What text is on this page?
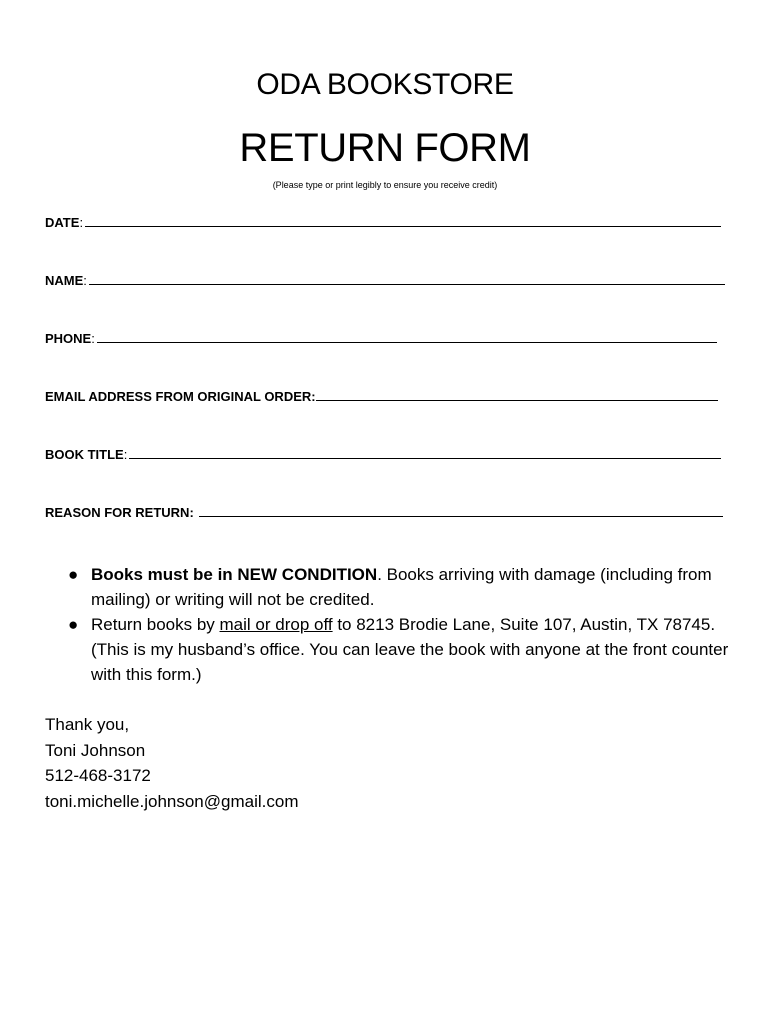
ODA BOOKSTORE
RETURN FORM
(Please type or print legibly to ensure you receive credit)
DATE:
NAME:
PHONE:
EMAIL ADDRESS FROM ORIGINAL ORDER:
BOOK TITLE:
REASON FOR RETURN:
● Books must be in NEW CONDITION. Books arriving with damage (including from mailing) or writing will not be credited.
● Return books by mail or drop off to 8213 Brodie Lane, Suite 107, Austin, TX 78745. (This is my husband’s office. You can leave the book with anyone at the front counter with this form.)
Thank you,
Toni Johnson
512-468-3172
toni.michelle.johnson@gmail.com
